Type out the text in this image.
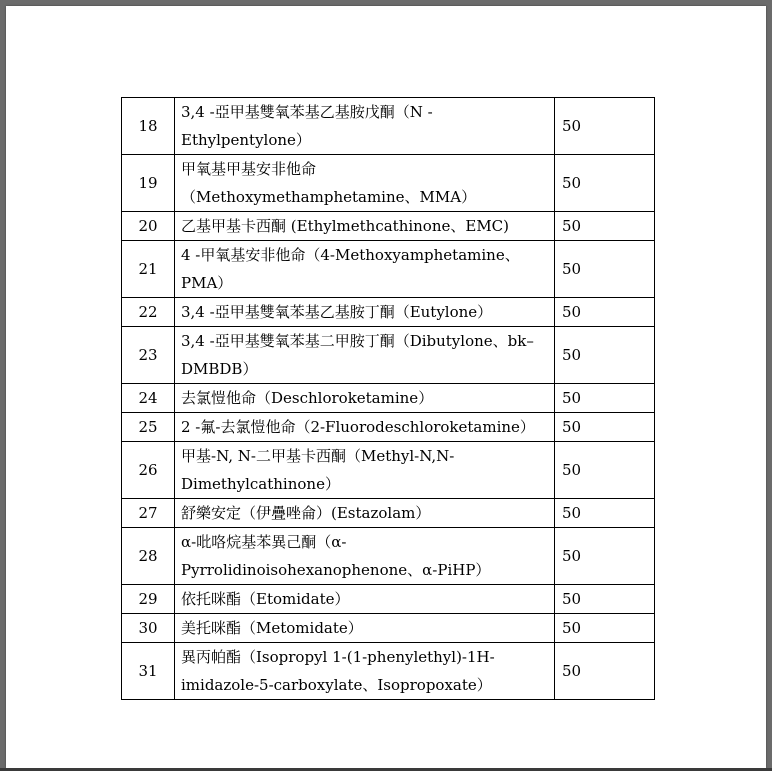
18	3,4 -亞甲基雙氧苯基乙基胺戊酮（N -Ethylpentylone）	50
19	甲氧基甲基安非他命（Methoxymethamphetamine、MMA）	50
20	乙基甲基卡西酮 (Ethylmethcathinone、EMC)	50
21	4 -甲氧基安非他命（4-Methoxyamphetamine、PMA）	50
22	3,4 -亞甲基雙氧苯基乙基胺丁酮（Eutylone）	50
23	3,4 -亞甲基雙氧苯基二甲胺丁酮（Dibutylone、bk–DMBDB）	50
24	去氯愷他命（Deschloroketamine）	50
25	2 -氟-去氯愷他命（2-Fluorodeschloroketamine）	50
26	甲基-N, N-二甲基卡西酮（Methyl-N,N-Dimethylcathinone）	50
27	舒樂安定（伊疊唑侖）(Estazolam）	50
28	α-吡咯烷基苯異己酮（α-Pyrrolidinoisohexanophenone、α-PiHP）	50
29	依托咪酯（Etomidate）	50
30	美托咪酯（Metomidate）	50
31	異丙帕酯（Isopropyl 1-(1-phenylethyl)-1H-imidazole-5-carboxylate、Isopropoxate）	50
